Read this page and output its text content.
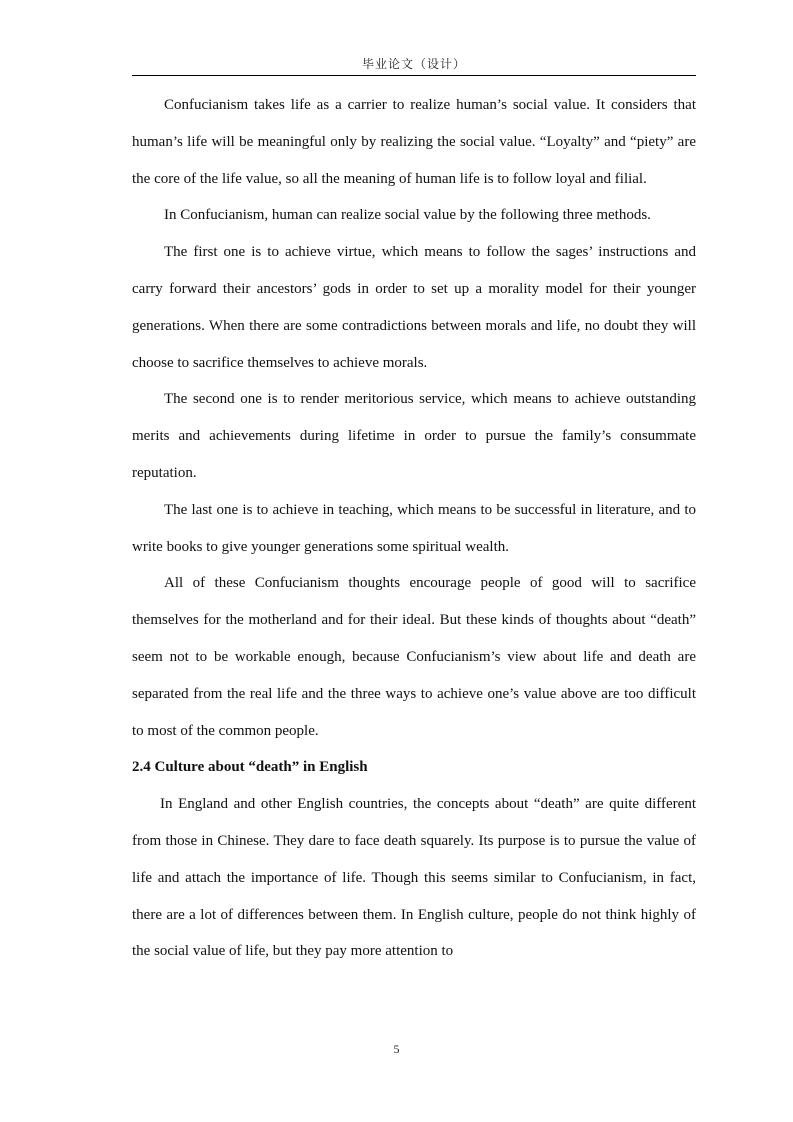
毕业论文（设计）

Confucianism takes life as a carrier to realize human’s social value. It considers that human’s life will be meaningful only by realizing the social value. “Loyalty” and “piety” are the core of the life value, so all the meaning of human life is to follow loyal and filial.

In Confucianism, human can realize social value by the following three methods.

The first one is to achieve virtue, which means to follow the sages’ instructions and carry forward their ancestors’ gods in order to set up a morality model for their younger generations. When there are some contradictions between morals and life, no doubt they will choose to sacrifice themselves to achieve morals.

The second one is to render meritorious service, which means to achieve outstanding merits and achievements during lifetime in order to pursue the family’s consummate reputation.

The last one is to achieve in teaching, which means to be successful in literature, and to write books to give younger generations some spiritual wealth.

All of these Confucianism thoughts encourage people of good will to sacrifice themselves for the motherland and for their ideal. But these kinds of thoughts about “death” seem not to be workable enough, because Confucianism’s view about life and death are separated from the real life and the three ways to achieve one’s value above are too difficult to most of the common people.

2.4 Culture about “death” in English

In England and other English countries, the concepts about “death” are quite different from those in Chinese. They dare to face death squarely. Its purpose is to pursue the value of life and attach the importance of life. Though this seems similar to Confucianism, in fact, there are a lot of differences between them. In English culture, people do not think highly of the social value of life, but they pay more attention to

5
